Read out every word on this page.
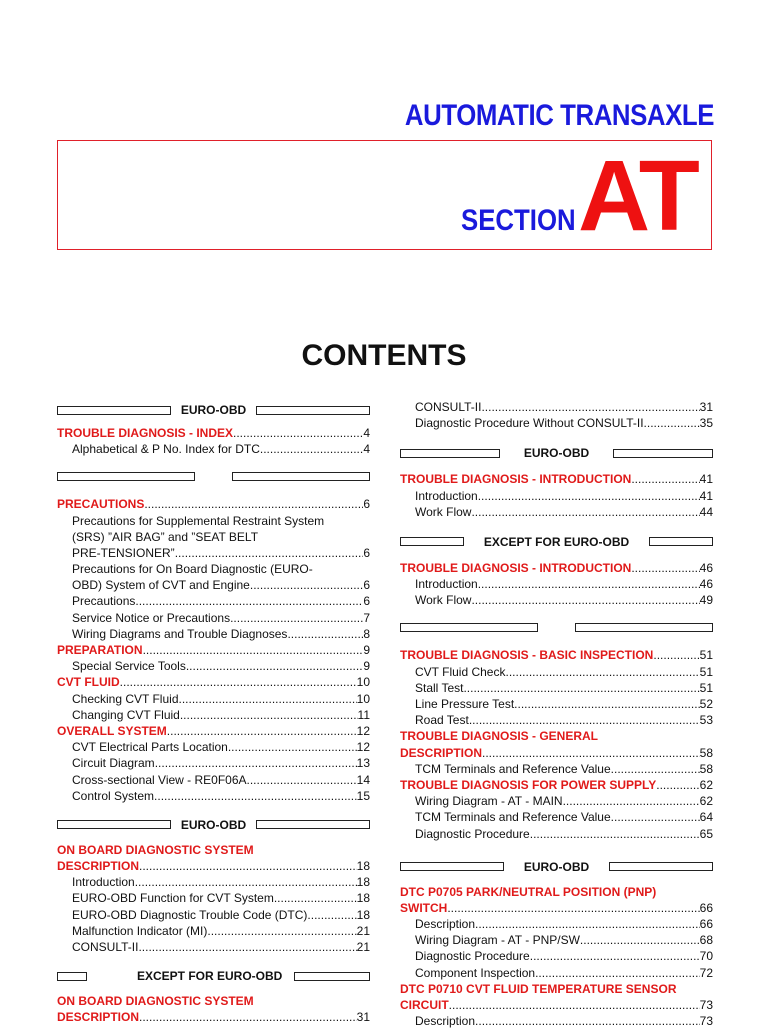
AUTOMATIC TRANSAXLE
SECTION AT
CONTENTS
EURO-OBD
TROUBLE DIAGNOSIS - INDEX .....	4
Alphabetical & P No. Index for DTC .....	4
PRECAUTIONS .....	6
Precautions for Supplemental Restraint System
(SRS) ”AIR BAG” and ”SEAT BELT
PRE-TENSIONER” .....	6
Precautions for On Board Diagnostic (EURO-
OBD) System of CVT and Engine .....	6
Precautions .....	6
Service Notice or Precautions .....	7
Wiring Diagrams and Trouble Diagnoses .....	8
PREPARATION .....	9
Special Service Tools .....	9
CVT FLUID .....	10
Checking CVT Fluid .....	10
Changing CVT Fluid .....	11
OVERALL SYSTEM .....	12
CVT Electrical Parts Location .....	12
Circuit Diagram .....	13
Cross-sectional View - RE0F06A .....	14
Control System .....	15
EURO-OBD
ON BOARD DIAGNOSTIC SYSTEM
DESCRIPTION .....	18
Introduction .....	18
EURO-OBD Function for CVT System .....	18
EURO-OBD Diagnostic Trouble Code (DTC) .....	18
Malfunction Indicator (MI) .....	21
CONSULT-II .....	21
EXCEPT FOR EURO-OBD
ON BOARD DIAGNOSTIC SYSTEM
DESCRIPTION .....	31
CONSULT-II .....	31
Diagnostic Procedure Without CONSULT-II .....	35
EURO-OBD
TROUBLE DIAGNOSIS - INTRODUCTION .....	41
Introduction .....	41
Work Flow .....	44
EXCEPT FOR EURO-OBD
TROUBLE DIAGNOSIS - INTRODUCTION .....	46
Introduction .....	46
Work Flow .....	49
TROUBLE DIAGNOSIS - BASIC INSPECTION .....	51
CVT Fluid Check .....	51
Stall Test .....	51
Line Pressure Test .....	52
Road Test .....	53
TROUBLE DIAGNOSIS - GENERAL
DESCRIPTION .....	58
TCM Terminals and Reference Value .....	58
TROUBLE DIAGNOSIS FOR POWER SUPPLY .....	62
Wiring Diagram - AT - MAIN .....	62
TCM Terminals and Reference Value .....	64
Diagnostic Procedure .....	65
EURO-OBD
DTC P0705 PARK/NEUTRAL POSITION (PNP)
SWITCH .....	66
Description .....	66
Wiring Diagram - AT - PNP/SW .....	68
Diagnostic Procedure .....	70
Component Inspection .....	72
DTC P0710 CVT FLUID TEMPERATURE SENSOR
CIRCUIT .....	73
Description .....	73
